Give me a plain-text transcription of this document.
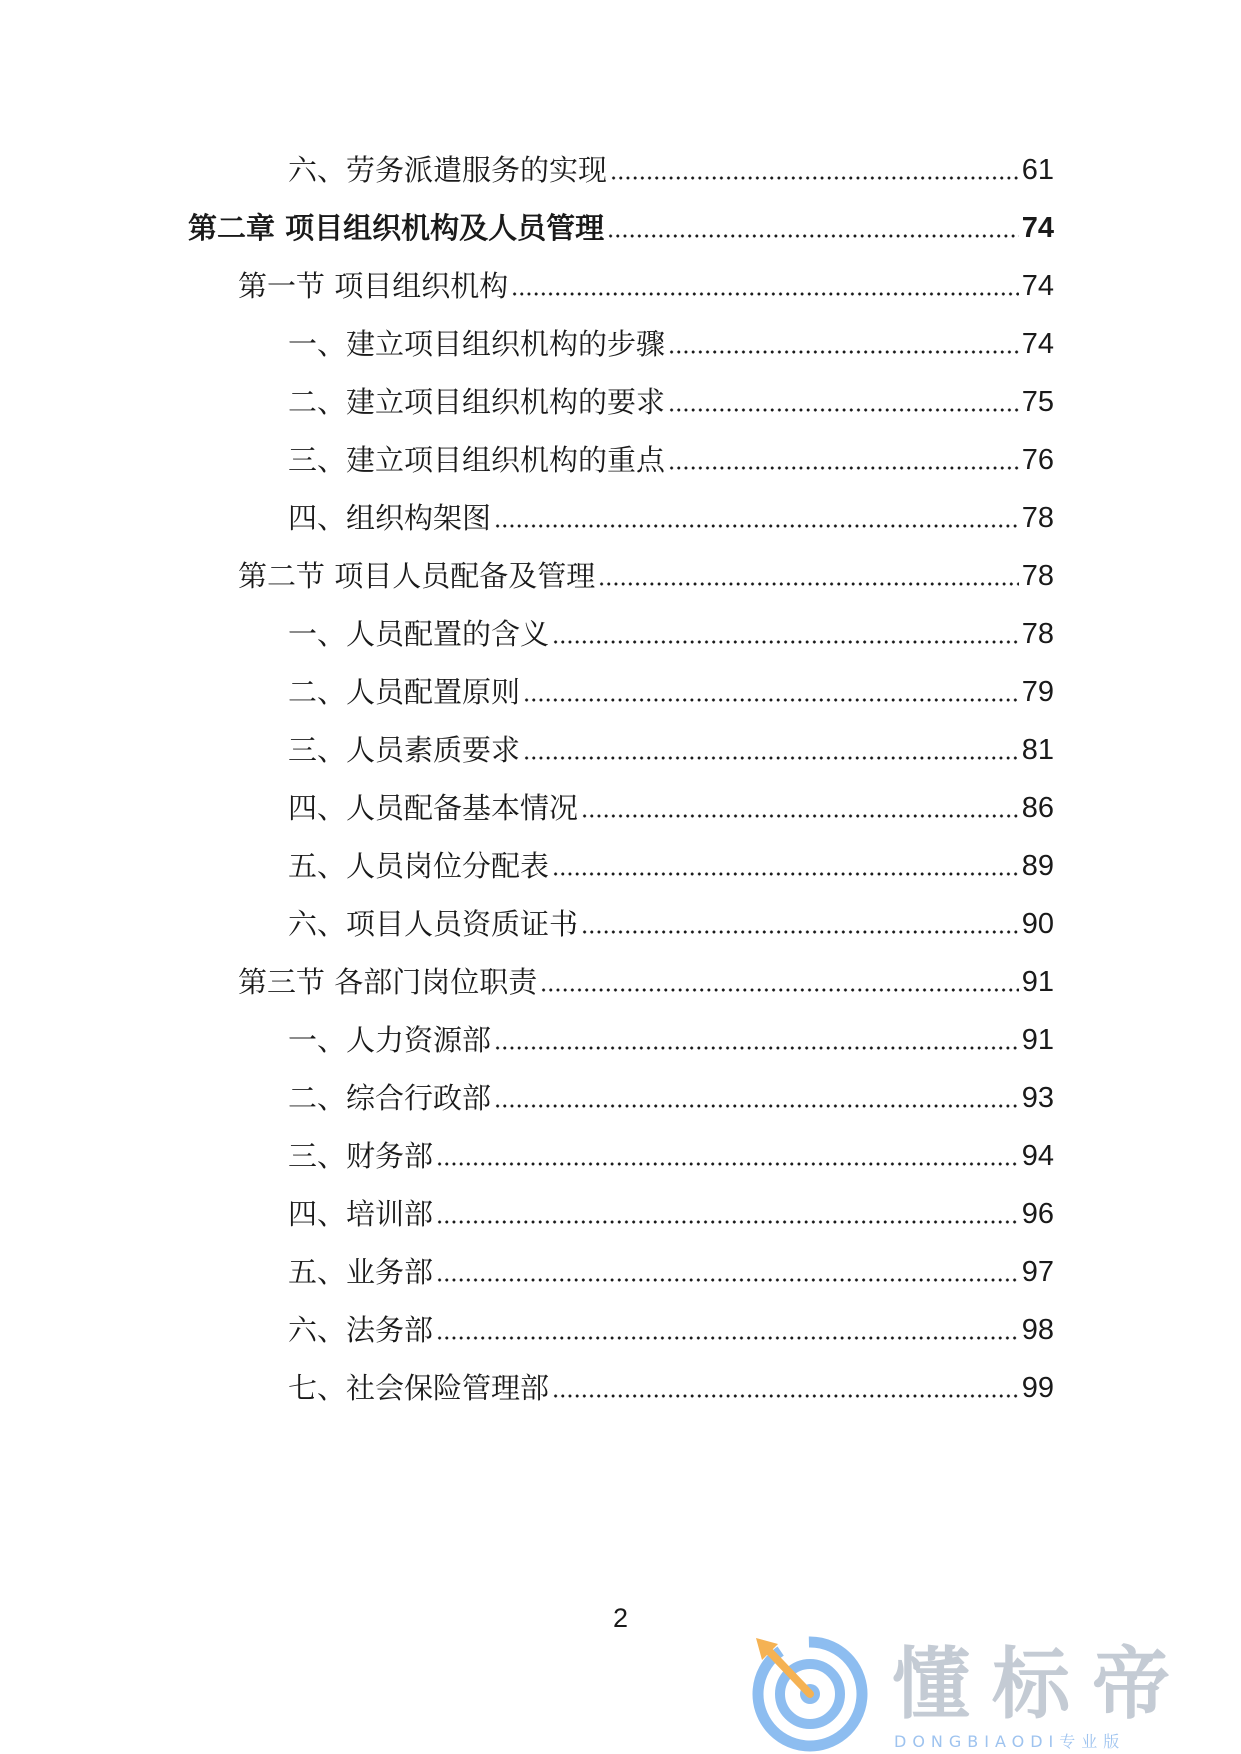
六、劳务派遣服务的实现	61
第二章 项目组织机构及人员管理	74
第一节 项目组织机构	74
一、建立项目组织机构的步骤	74
二、建立项目组织机构的要求	75
三、建立项目组织机构的重点	76
四、组织构架图	78
第二节 项目人员配备及管理	78
一、人员配置的含义	78
二、人员配置原则	79
三、人员素质要求	81
四、人员配备基本情况	86
五、人员岗位分配表	89
六、项目人员资质证书	90
第三节 各部门岗位职责	91
一、人力资源部	91
二、综合行政部	93
三、财务部	94
四、培训部	96
五、业务部	97
六、法务部	98
七、社会保险管理部	99
2
懂标帝
DONGBIAODI专业版
